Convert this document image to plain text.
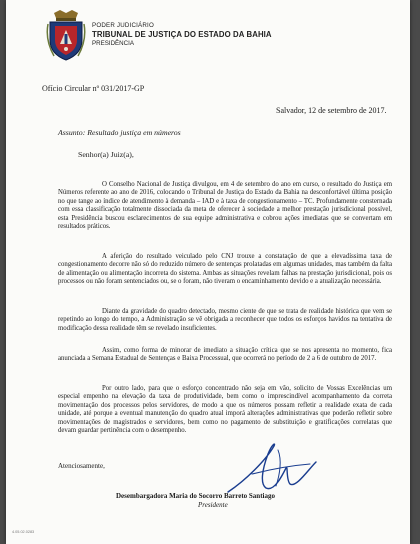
PODER JUDICIÁRIO
TRIBUNAL DE JUSTIÇA DO ESTADO DA BAHIA
PRESIDÊNCIA
Ofício Circular nº 031/2017-GP
Salvador, 12 de setembro de 2017.
Assunto: Resultado justiça em números
Senhor(a) Juiz(a),

O Conselho Nacional de Justiça divulgou, em 4 de setembro do ano em curso, o resultado do Justiça em Números referente ao ano de 2016, colocando o Tribunal de Justiça do Estado da Bahia na desconfortável última posição no que tange ao índice de atendimento à demanda – IAD e à taxa de congestionamento – TC. Profundamente consternada com essa classificação totalmente dissociada da meta de oferecer à sociedade a melhor prestação jurisdicional possível, esta Presidência buscou esclarecimentos de sua equipe administrativa e cobrou ações imediatas que se convertam em resultados práticos.

A aferição do resultado veiculado pelo CNJ trouxe a constatação de que a elevadíssima taxa de congestionamento decorre não só do reduzido número de sentenças prolatadas em algumas unidades, mas também da falta de alimentação ou alimentação incorreta do sistema. Ambas as situações revelam falhas na prestação jurisdicional, pois os processos ou não foram sentenciados ou, se o foram, não tiveram o encaminhamento devido e a atualização necessária.

Diante da gravidade do quadro detectado, mesmo ciente de que se trata de realidade histórica que vem se repetindo ao longo do tempo, a Administração se vê obrigada a reconhecer que todos os esforços havidos na tentativa de modificação dessa realidade têm se revelado insuficientes.

Assim, como forma de minorar de imediato a situação crítica que se nos apresenta no momento, fica anunciada a Semana Estadual de Sentenças e Baixa Processual, que ocorrerá no período de 2 a 6 de outubro de 2017.

Por outro lado, para que o esforço concentrado não seja em vão, solicito de Vossas Excelências um especial empenho na elevação da taxa de produtividade, bem como o imprescindível acompanhamento da correta movimentação dos processos pelos servidores, de modo a que os números possam refletir a realidade exata de cada unidade, até porque a eventual manutenção do quadro atual imporá alterações administrativas que poderão refletir sobre movimentações de magistrados e servidores, bem como no pagamento de substituição e gratificações correlatas que devam guardar pertinência com o desempenho.

Atenciosamente,
Desembargadora Maria do Socorro Barreto Santiago
Presidente
4.05.02.0283
